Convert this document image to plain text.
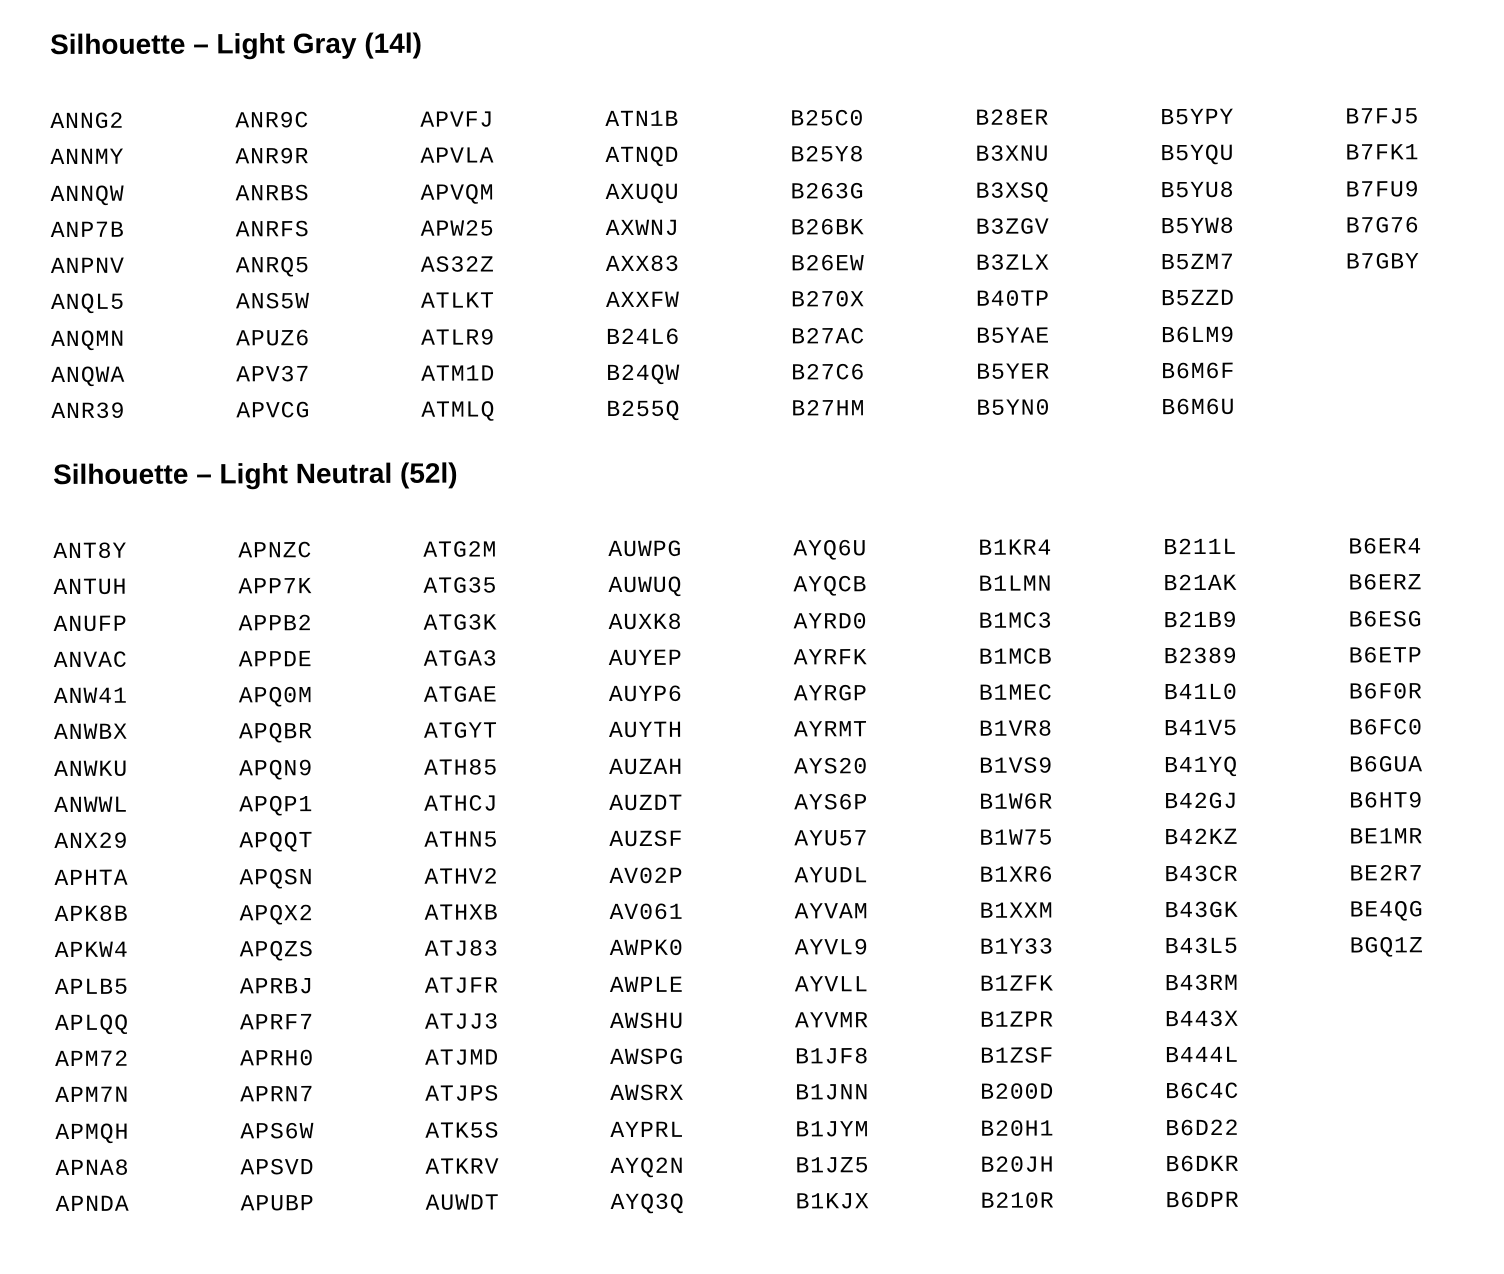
Silhouette – Light Gray (14l)
ANNG2
ANNMY
ANNQW
ANP7B
ANPNV
ANQL5
ANQMN
ANQWA
ANR39
ANR9C
ANR9R
ANRBS
ANRFS
ANRQ5
ANS5W
APUZ6
APV37
APVCG
APVFJ
APVLA
APVQM
APW25
AS32Z
ATLKT
ATLR9
ATM1D
ATMLQ
ATN1B
ATNQD
AXUQU
AXWNJ
AXX83
AXXFW
B24L6
B24QW
B255Q
B25C0
B25Y8
B263G
B26BK
B26EW
B270X
B27AC
B27C6
B27HM
B28ER
B3XNU
B3XSQ
B3ZGV
B3ZLX
B40TP
B5YAE
B5YER
B5YN0
B5YPY
B5YQU
B5YU8
B5YW8
B5ZM7
B5ZZD
B6LM9
B6M6F
B6M6U
B7FJ5
B7FK1
B7FU9
B7G76
B7GBY
Silhouette – Light Neutral (52l)
ANT8Y
ANTUH
ANUFP
ANVAC
ANW41
ANWBX
ANWKU
ANWWL
ANX29
APHTA
APK8B
APKW4
APLB5
APLQQ
APM72
APM7N
APMQH
APNA8
APNDA
APNZC
APP7K
APPB2
APPDE
APQ0M
APQBR
APQN9
APQP1
APQQT
APQSN
APQX2
APQZS
APRBJ
APRF7
APRH0
APRN7
APS6W
APSVD
APUBP
ATG2M
ATG35
ATG3K
ATGA3
ATGAE
ATGYT
ATH85
ATHCJ
ATHN5
ATHV2
ATHXB
ATJ83
ATJFR
ATJJ3
ATJMD
ATJPS
ATK5S
ATKRV
AUWDT
AUWPG
AUWUQ
AUXK8
AUYEP
AUYP6
AUYTH
AUZAH
AUZDT
AUZSF
AV02P
AV061
AWPK0
AWPLE
AWSHU
AWSPG
AWSRX
AYPRL
AYQ2N
AYQ3Q
AYQ6U
AYQCB
AYRD0
AYRFK
AYRGP
AYRMT
AYS20
AYS6P
AYU57
AYUDL
AYVAM
AYVL9
AYVLL
AYVMR
B1JF8
B1JNN
B1JYM
B1JZ5
B1KJX
B1KR4
B1LMN
B1MC3
B1MCB
B1MEC
B1VR8
B1VS9
B1W6R
B1W75
B1XR6
B1XXM
B1Y33
B1ZFK
B1ZPR
B1ZSF
B200D
B20H1
B20JH
B210R
B211L
B21AK
B21B9
B2389
B41L0
B41V5
B41YQ
B42GJ
B42KZ
B43CR
B43GK
B43L5
B43RM
B443X
B444L
B6C4C
B6D22
B6DKR
B6DPR
B6ER4
B6ERZ
B6ESG
B6ETP
B6F0R
B6FC0
B6GUA
B6HT9
BE1MR
BE2R7
BE4QG
BGQ1Z
